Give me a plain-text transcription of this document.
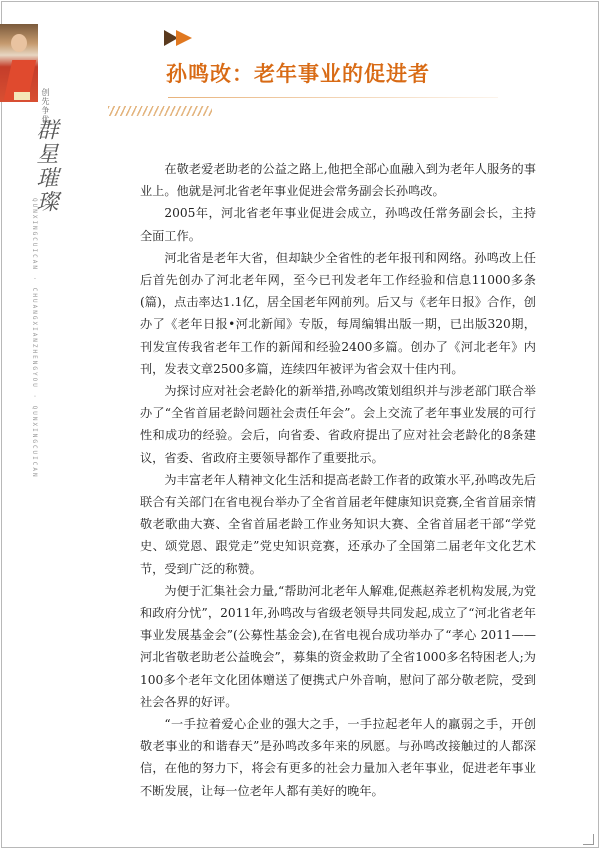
创先争优
群星璀璨
QUNXINGCUICAN · CHUANGXIANZHENGYOU · QUNXINGCUICAN
孙鸣改：老年事业的促进者

在敬老爱老助老的公益之路上,他把全部心血融入到为老年人服务的事业上。他就是河北省老年事业促进会常务副会长孙鸣改。

2005年，河北省老年事业促进会成立，孙鸣改任常务副会长，主持全面工作。

河北省是老年大省，但却缺少全省性的老年报刊和网络。孙鸣改上任后首先创办了河北老年网，至今已刊发老年工作经验和信息11000多条(篇)，点击率达1.1亿，居全国老年网前列。后又与《老年日报》合作，创办了《老年日报•河北新闻》专版，每周编辑出版一期，已出版320期，刊发宣传我省老年工作的新闻和经验2400多篇。创办了《河北老年》内刊，发表文章2500多篇，连续四年被评为省会双十佳内刊。

为探讨应对社会老龄化的新举措,孙鸣改策划组织并与涉老部门联合举办了“全省首届老龄问题社会责任年会”。会上交流了老年事业发展的可行性和成功的经验。会后，向省委、省政府提出了应对社会老龄化的8条建议，省委、省政府主要领导都作了重要批示。

为丰富老年人精神文化生活和提高老龄工作者的政策水平,孙鸣改先后联合有关部门在省电视台举办了全省首届老年健康知识竞赛,全省首届亲情敬老歌曲大赛、全省首届老龄工作业务知识大赛、全省首届老干部“学党史、颂党恩、跟党走”党史知识竞赛，还承办了全国第二届老年文化艺术节，受到广泛的称赞。

为便于汇集社会力量,“帮助河北老年人解难,促燕赵养老机构发展,为党和政府分忧”，2011年,孙鸣改与省级老领导共同发起,成立了“河北省老年事业发展基金会”(公募性基金会),在省电视台成功举办了“孝心 2011——河北省敬老助老公益晚会”，募集的资金救助了全省1000多名特困老人;为100多个老年文化团体赠送了便携式户外音响，慰问了部分敬老院，受到社会各界的好评。

“一手拉着爱心企业的强大之手，一手拉起老年人的羸弱之手，开创敬老事业的和谐春天”是孙鸣改多年来的夙愿。与孙鸣改接触过的人都深信，在他的努力下，将会有更多的社会力量加入老年事业，促进老年事业不断发展，让每一位老年人都有美好的晚年。
